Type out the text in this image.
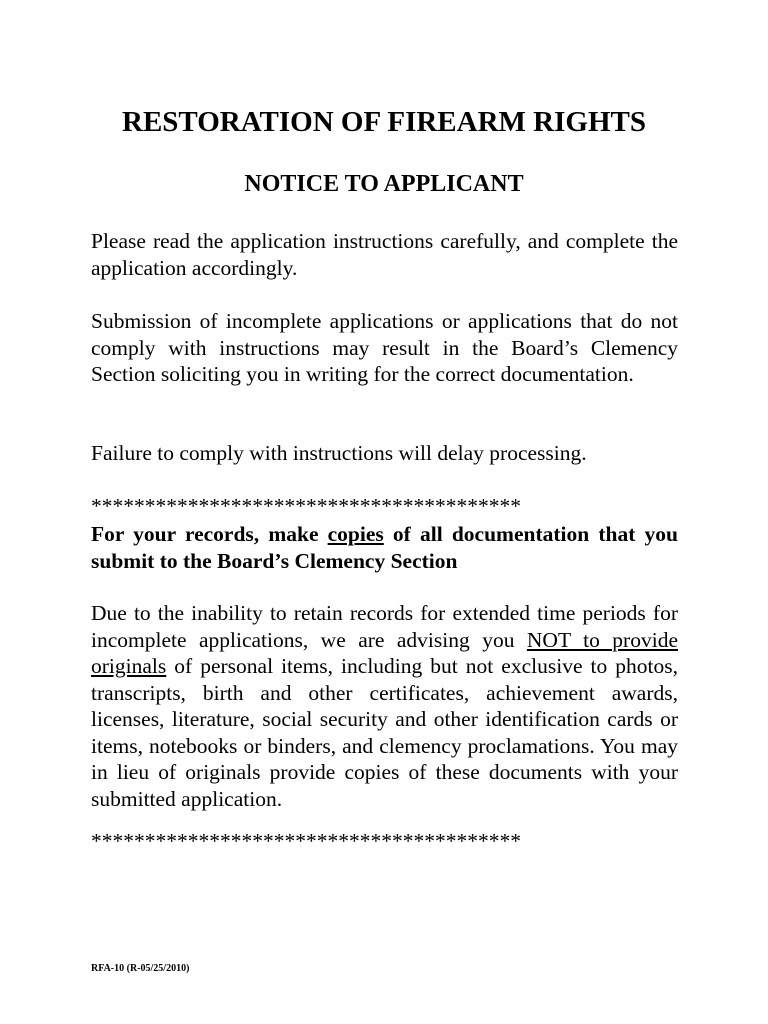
RESTORATION OF FIREARM RIGHTS
NOTICE TO APPLICANT

Please read the application instructions carefully, and complete the application accordingly.

Submission of incomplete applications or applications that do not comply with instructions may result in the Board’s Clemency Section soliciting you in writing for the correct documentation.

Failure to comply with instructions will delay processing.

****************************************

For your records, make copies of all documentation that you submit to the Board’s Clemency Section

Due to the inability to retain records for extended time periods for incomplete applications, we are advising you NOT to provide originals of personal items, including but not exclusive to photos, transcripts, birth and other certificates, achievement awards, licenses, literature, social security and other identification cards or items, notebooks or binders, and clemency proclamations. You may in lieu of originals provide copies of these documents with your submitted application.

****************************************

RFA-10 (R-05/25/2010)
